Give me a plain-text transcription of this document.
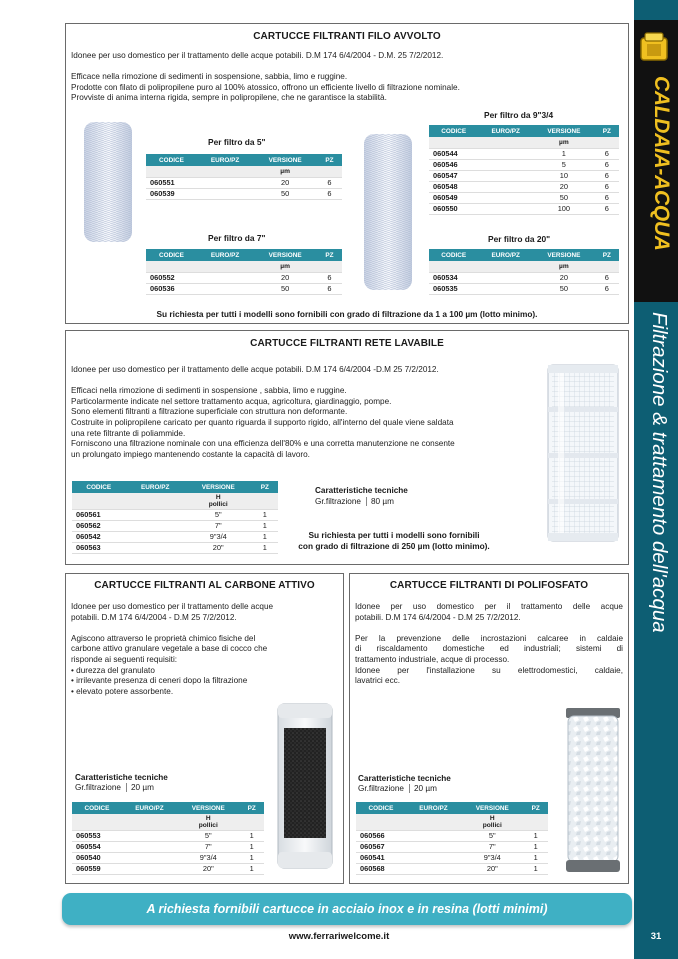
CALDAIA-ACQUA
Filtrazione & trattamento dell'acqua
CARTUCCE FILTRANTI FILO AVVOLTO
Idonee per uso domestico per il trattamento delle acque potabili. D.M 174 6/4/2004 - D.M. 25 7/2/2012.

Efficace nella rimozione di sedimenti in sospensione, sabbia, limo e ruggine.
Prodotte con filato di polipropilene puro al 100% atossico, offrono un efficiente livello di filtrazione nominale.
Provviste di anima interna rigida, sempre in polipropilene, che ne garantisce la stabilità.
Per filtro da 5"
CODICE	EURO/PZ	VERSIONE	PZ
		µm	
060551		20	6
060539		50	6
Per filtro da 9"3/4
CODICE	EURO/PZ	VERSIONE	PZ
		µm	
060544		1	6
060546		5	6
060547		10	6
060548		20	6
060549		50	6
060550		100	6
Per filtro da 7"
CODICE	EURO/PZ	VERSIONE	PZ
		µm	
060552		20	6
060536		50	6
Per filtro da 20"
CODICE	EURO/PZ	VERSIONE	PZ
		µm	
060534		20	6
060535		50	6
Su richiesta per tutti i modelli sono fornibili con grado di filtrazione da 1 a 100 µm (lotto minimo).
CARTUCCE FILTRANTI RETE LAVABILE
Idonee per uso domestico per il trattamento delle acque potabili. D.M 174 6/4/2004 -D.M 25 7/2/2012.

Efficaci nella rimozione di sedimenti in sospensione , sabbia, limo e ruggine.
Particolarmente indicate nel settore trattamento acqua, agricoltura, giardinaggio, pompe.
Sono elementi filtranti a filtrazione superficiale con struttura non deformante.
Costruite in polipropilene caricato per quanto riguarda il supporto rigido, all'interno del quale viene saldata
una rete filtrante di poliammide.
Forniscono una filtrazione nominale con una efficienza dell'80% e una corretta manutenzione ne consente
un prolungato impiego mantenendo costante la capacità di lavoro.
CODICE	EURO/PZ	VERSIONE	PZ
		H
pollici	
060561		5"	1
060562		7"	1
060542		9"3/4	1
060563		20"	1
Caratteristiche tecniche
Gr.filtrazione 80 µm
Su richiesta per tutti i modelli sono fornibili
con grado di filtrazione di 250 µm (lotto minimo).
CARTUCCE FILTRANTI AL CARBONE ATTIVO
Idonee per uso domestico per il trattamento delle acque
potabili. D.M 174 6/4/2004 - D.M 25 7/2/2012.

Agiscono attraverso le proprietà chimico fisiche del
carbone attivo granulare vegetale a base di cocco che
risponde ai seguenti requisiti:
• durezza del granulato
• irrilevante presenza di ceneri dopo la filtrazione
• elevato potere assorbente.
Caratteristiche tecniche
Gr.filtrazione 20 µm
CODICE	EURO/PZ	VERSIONE	PZ
		H
pollici	
060553		5"	1
060554		7"	1
060540		9"3/4	1
060559		20"	1
CARTUCCE FILTRANTI DI POLIFOSFATO
Idonee per uso domestico per il trattamento delle acque
potabili. D.M 174 6/4/2004 - D.M 25 7/2/2012.

Per la prevenzione delle incrostazioni calcaree in caldaie
di riscaldamento domestiche ed industriali; sistemi di
trattamento industriale, acque di processo.
Idonee per l'installazione su elettrodomestici, caldaie,
lavatrici ecc.
Caratteristiche tecniche
Gr.filtrazione 20 µm
CODICE	EURO/PZ	VERSIONE	PZ
		H
pollici	
060566		5"	1
060567		7"	1
060541		9"3/4	1
060568		20"	1
A richiesta fornibili cartucce in acciaio inox e in resina (lotti minimi)
www.ferrariwelcome.it	31
